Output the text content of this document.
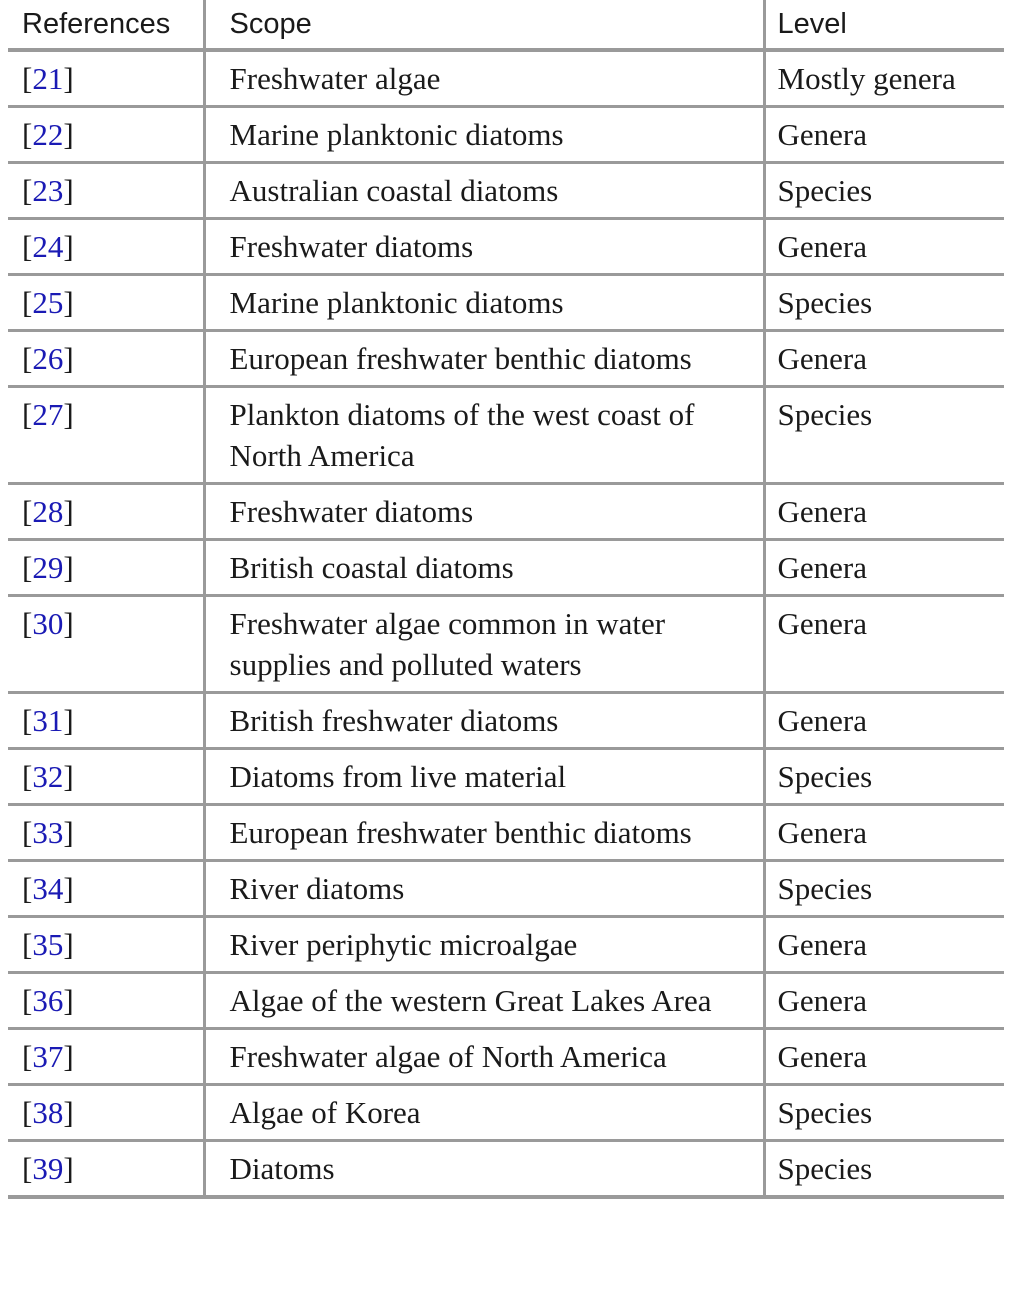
References	Scope	Level
[21]	Freshwater algae	Mostly genera
[22]	Marine planktonic diatoms	Genera
[23]	Australian coastal diatoms	Species
[24]	Freshwater diatoms	Genera
[25]	Marine planktonic diatoms	Species
[26]	European freshwater benthic diatoms	Genera
[27]	Plankton diatoms of the west coast of North America	Species
[28]	Freshwater diatoms	Genera
[29]	British coastal diatoms	Genera
[30]	Freshwater algae common in water supplies and polluted waters	Genera
[31]	British freshwater diatoms	Genera
[32]	Diatoms from live material	Species
[33]	European freshwater benthic diatoms	Genera
[34]	River diatoms	Species
[35]	River periphytic microalgae	Genera
[36]	Algae of the western Great Lakes Area	Genera
[37]	Freshwater algae of North America	Genera
[38]	Algae of Korea	Species
[39]	Diatoms	Species
